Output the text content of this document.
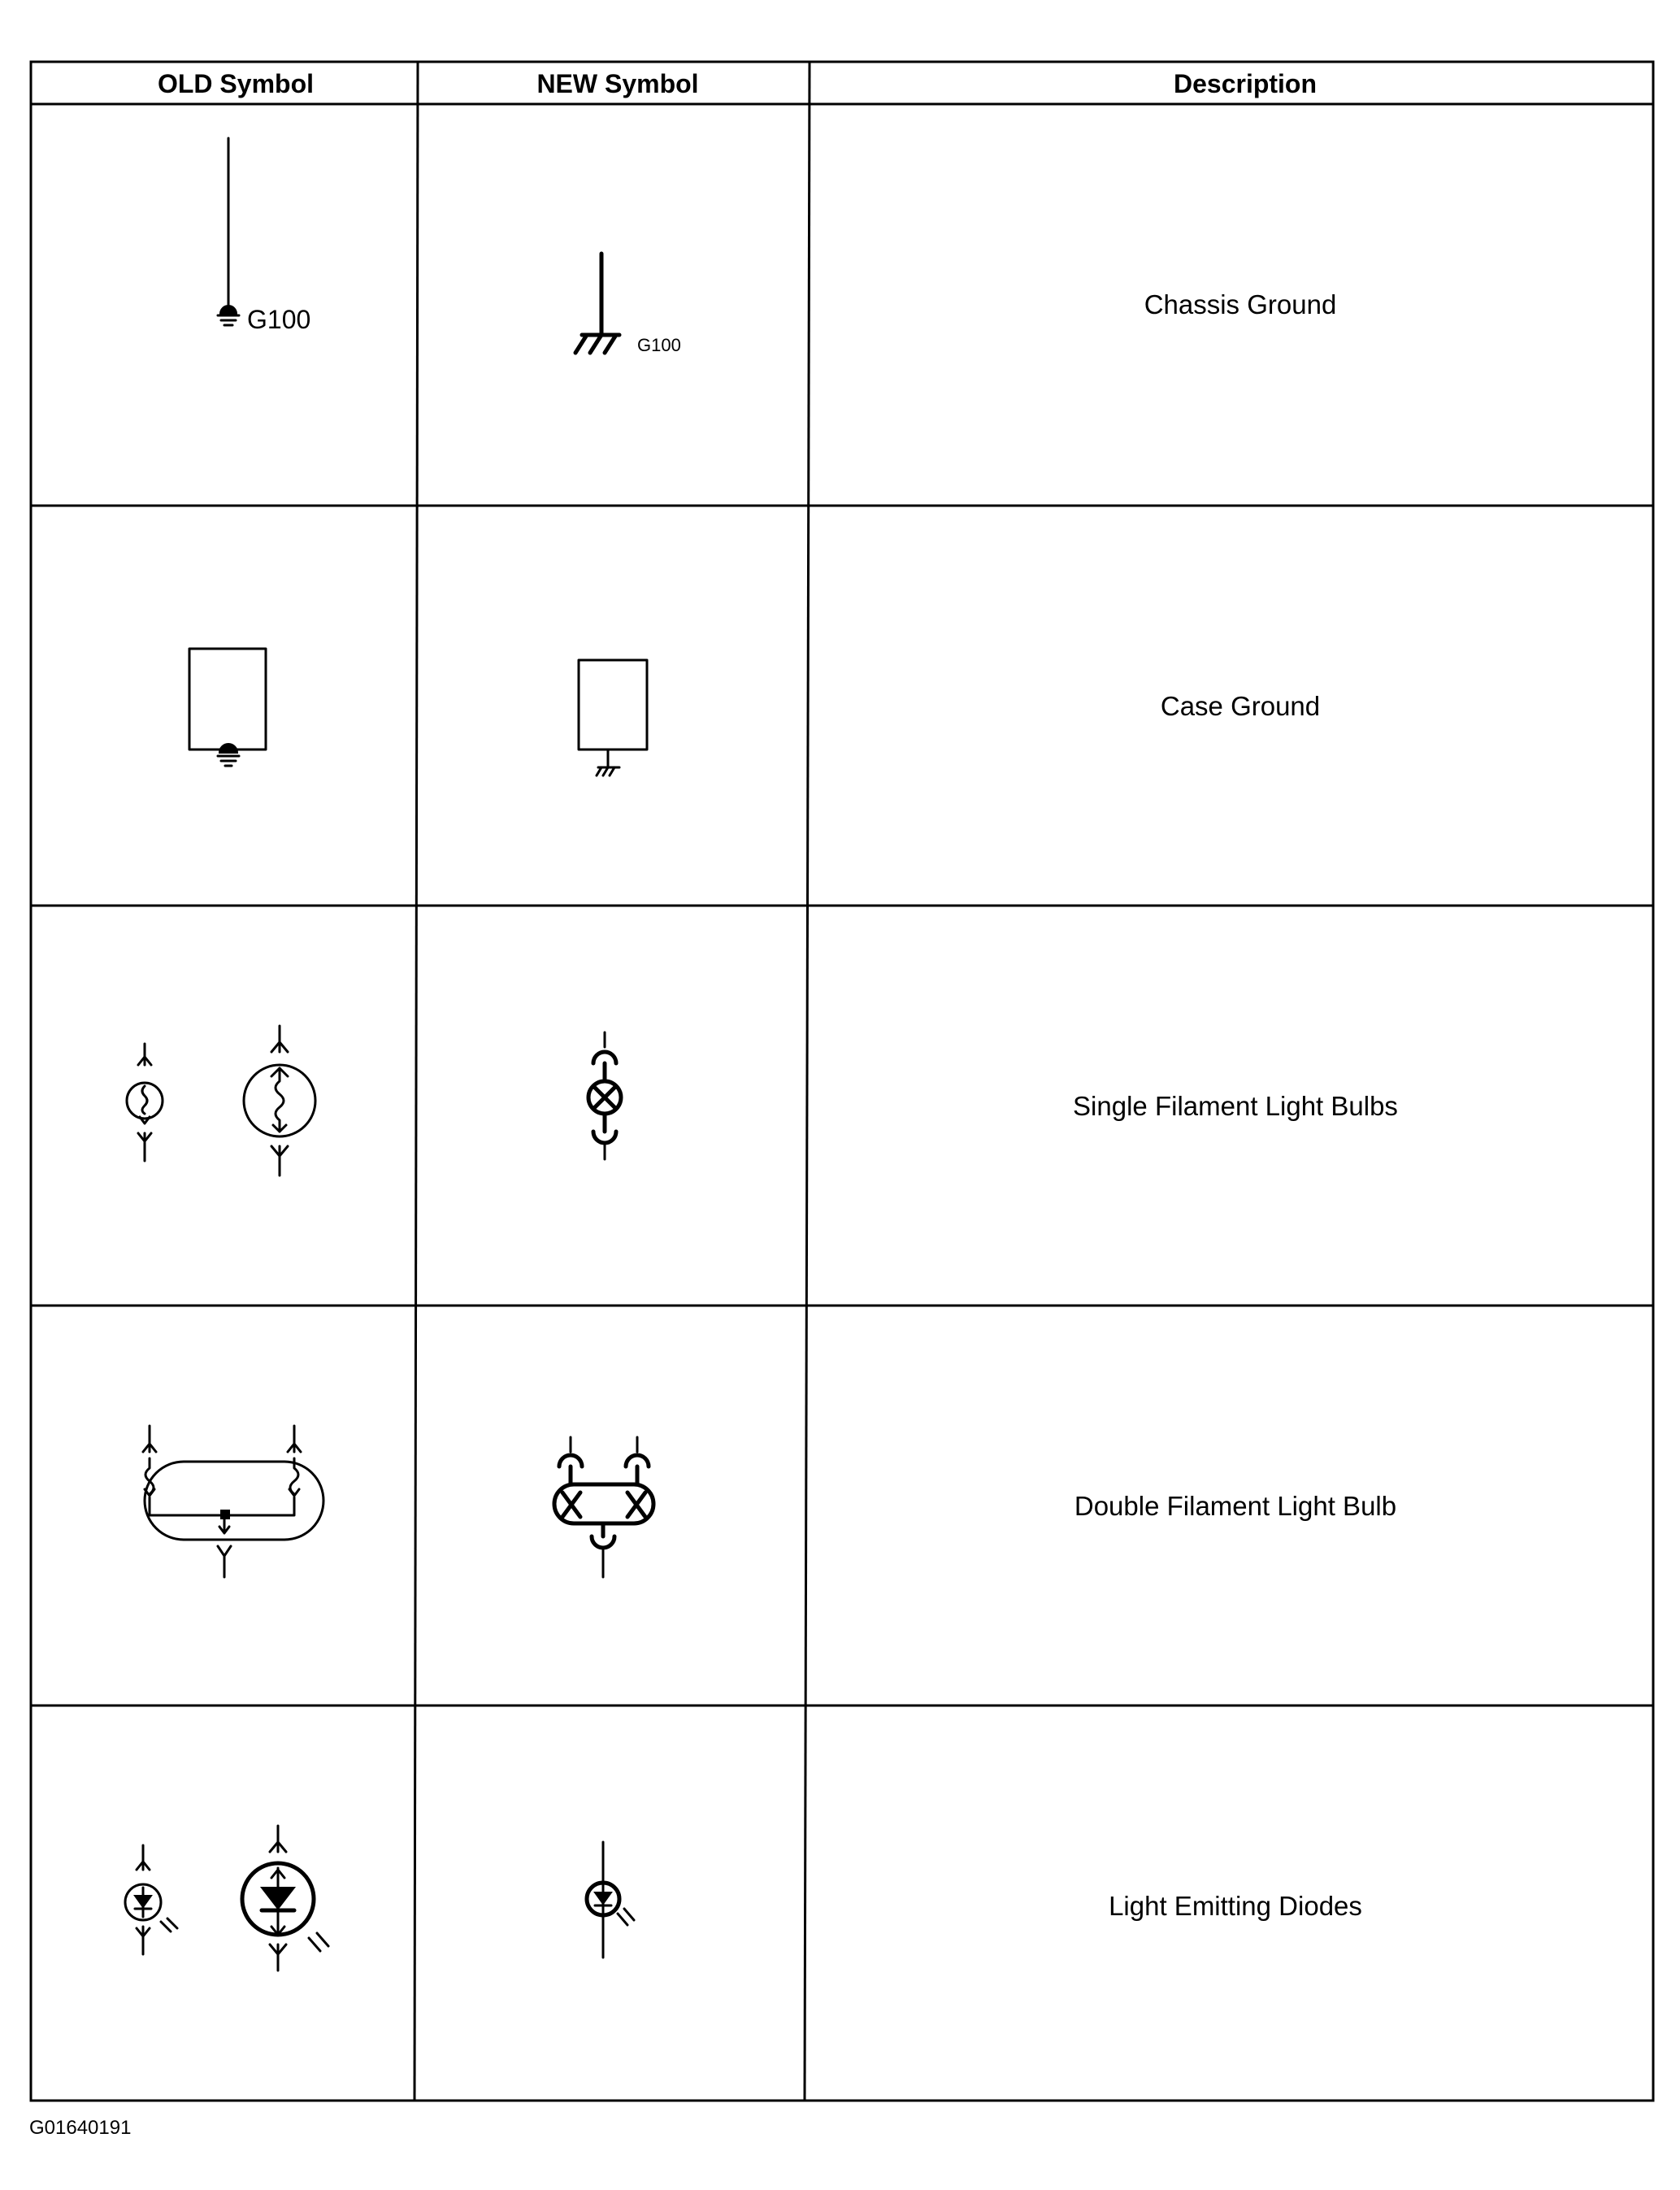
OLD Symbol	NEW Symbol	Description
G100
G100
Chassis Ground
Case Ground
Single Filament Light Bulbs
Double Filament Light Bulb
Light Emitting Diodes
G01640191
